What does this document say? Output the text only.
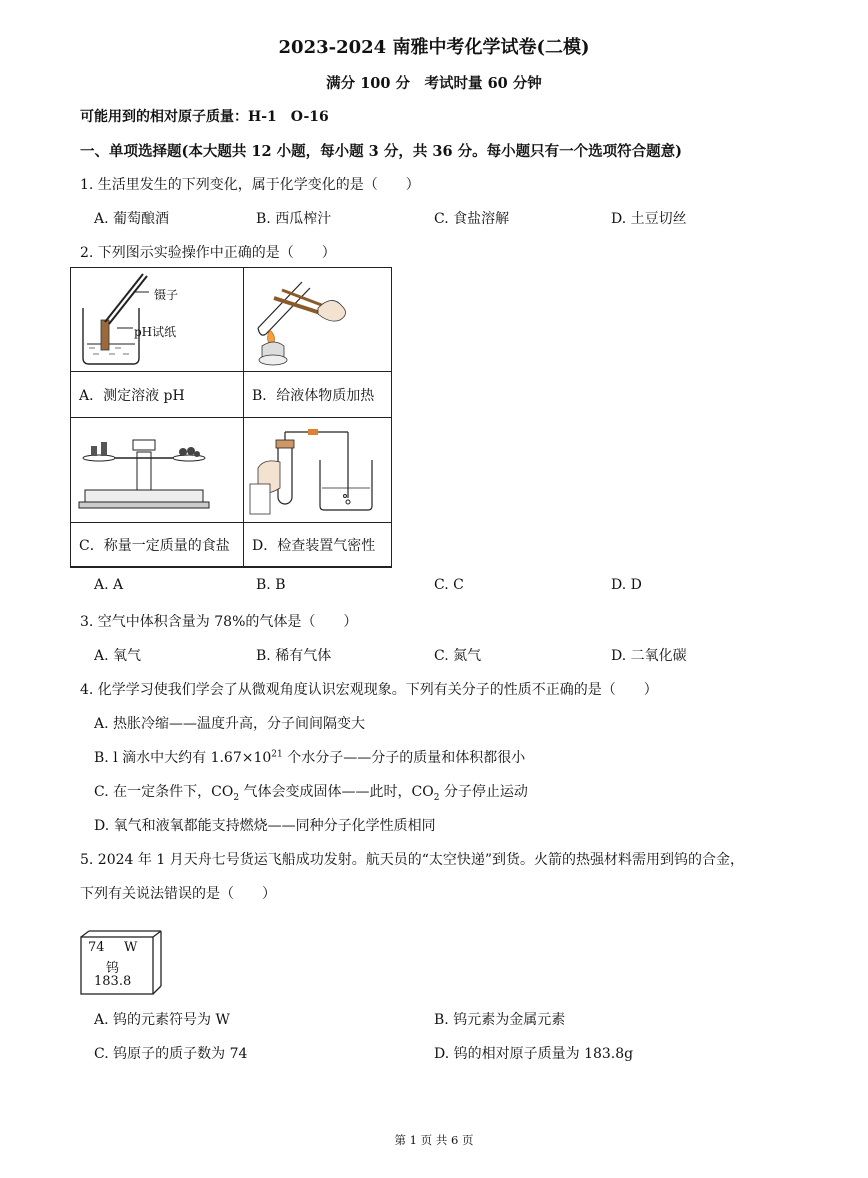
2023-2024 南雅中考化学试卷(二模)
满分 100 分　考试时量 60 分钟
可能用到的相对原子质量：H-1　O-16
一、单项选择题(本大题共 12 小题，每小题 3 分，共 36 分。每小题只有一个选项符合题意)
1. 生活里发生的下列变化，属于化学变化的是（　　）
A. 葡萄酿酒	B. 西瓜榨汁	C. 食盐溶解	D. 土豆切丝
2. 下列图示实验操作中正确的是（　　）
A．测定溶液 pH	B．给液体物质加热
C．称量一定质量的食盐	D．检查装置气密性
镊子
pH试纸
A. A	B. B	C. C	D. D
3. 空气中体积含量为 78%的气体是（　　）
A. 氧气	B. 稀有气体	C. 氮气	D. 二氧化碳
4. 化学学习使我们学会了从微观角度认识宏观现象。下列有关分子的性质不正确的是（　　）
A. 热胀冷缩——温度升高，分子间间隔变大
B. l 滴水中大约有 $1.67\times 10^{21}$ 个水分子——分子的质量和体积都很小
C. 在一定条件下，$CO_2$ 气体会变成固体——此时，$CO_2$ 分子停止运动
D. 氧气和液氧都能支持燃烧——同种分子化学性质相同
5. 2024 年 1 月天舟七号货运飞船成功发射。航天员的“太空快递”到货。火箭的热强材料需用到钨的合金，
下列有关说法错误的是（　　）
74 W
钨
183.8
A. 钨的元素符号为 W	B. 钨元素为金属元素
C. 钨原子的质子数为 74	D. 钨的相对原子质量为 183.8g
第 1 页 共 6 页
